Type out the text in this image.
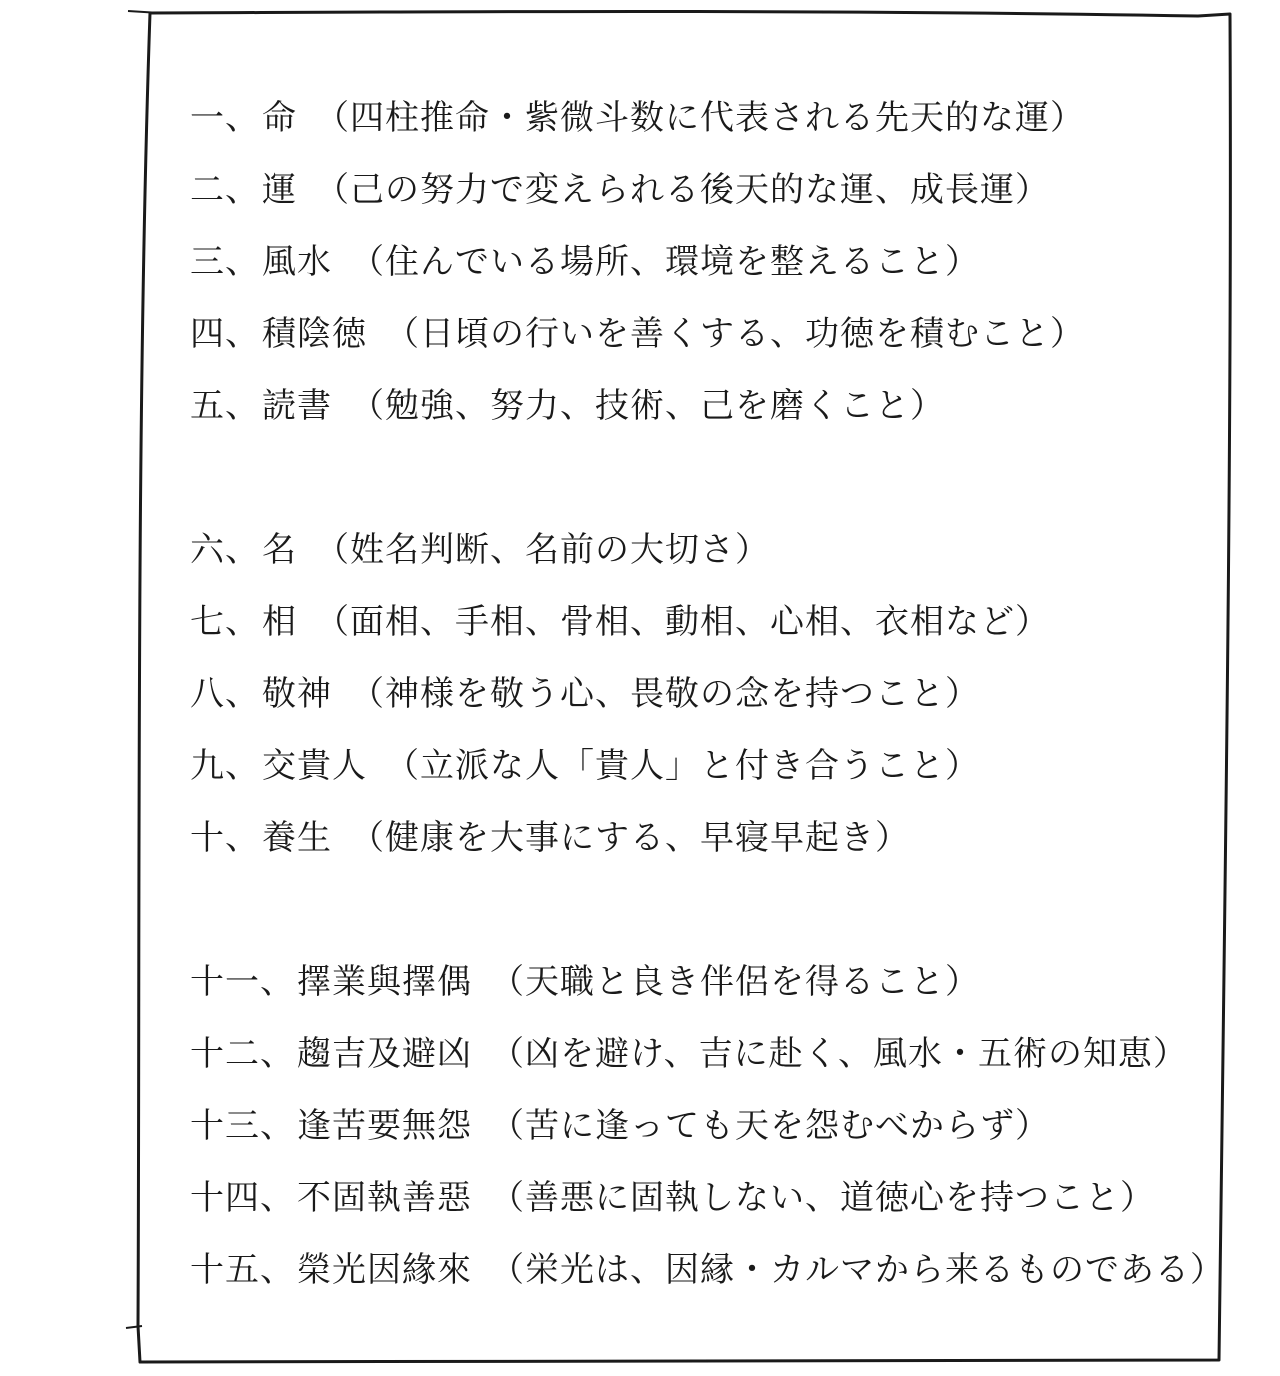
一 、 命 （四柱推命・紫微斗数に代表される先天的な運）
二 、 運 （己の努力で変えられる後天的な運、成長運）
三 、 風水 （住んでいる場所、環境を整えること）
四 、 積陰徳 （日頃の行いを善くする、功徳を積むこと）
五 、 読書 （勉強、努力、技術、己を磨くこと）
六 、 名 （姓名判断、名前の大切さ）
七 、 相 （面相、手相、骨相、動相、心相、衣相など）
八 、 敬神 （神様を敬う心、畏敬の念を持つこと）
九 、 交貴人 （立派な人「貴人」と付き合うこと）
十 、 養生 （健康を大事にする、早寝早起き）
十一 、 擇業與擇偶 （天職と良き伴侶を得ること）
十二 、 趨吉及避凶 （凶を避け、吉に赴く、風水・五術の知恵）
十三 、 逢苦要無怨 （苦に逢っても天を怨むべからず）
十四 、 不固執善惡 （善悪に固執しない、道徳心を持つこと）
十五 、 榮光因緣來 （栄光は、因縁・カルマから来るものである）
